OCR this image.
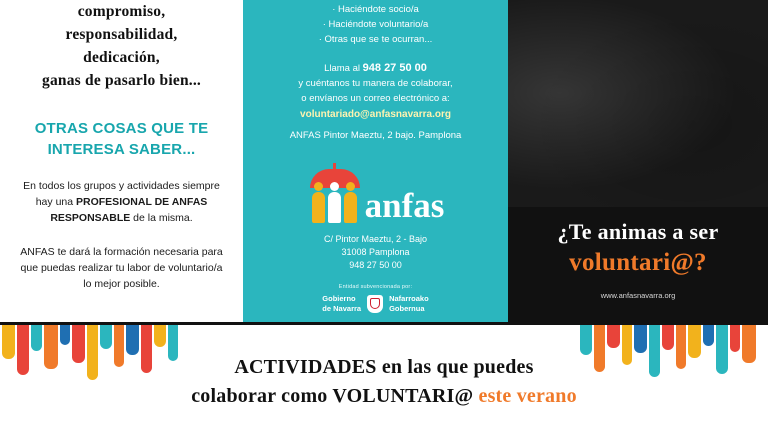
compromiso,
responsabilidad,
dedicación,
ganas de pasarlo bien...
OTRAS COSAS QUE TE INTERESA SABER...
En todos los grupos y actividades siempre hay una PROFESIONAL DE ANFAS RESPONSABLE de la misma.
ANFAS te dará la formación necesaria para que puedas realizar tu labor de voluntario/a lo mejor posible.
· Haciéndote socio/a
· Haciéndote voluntario/a
· Otras que se te ocurran...
Llama al 948 27 50 00
y cuéntanos tu manera de colaborar,
o envíanos un correo electrónico a:
voluntariado@anfasnavarra.org
ANFAS Pintor Maeztu, 2 bajo. Pamplona
anfas
C/ Pintor Maeztu, 2 - Bajo
31008 Pamplona
948 27 50 00
Entidad subvencionada por:
Gobierno
de Navarra
Nafarroako
Gobernua
¿Te animas a ser
voluntari@?
www.anfasnavarra.org
ACTIVIDADES en las que puedes
colaborar como VOLUNTARI@ este verano
